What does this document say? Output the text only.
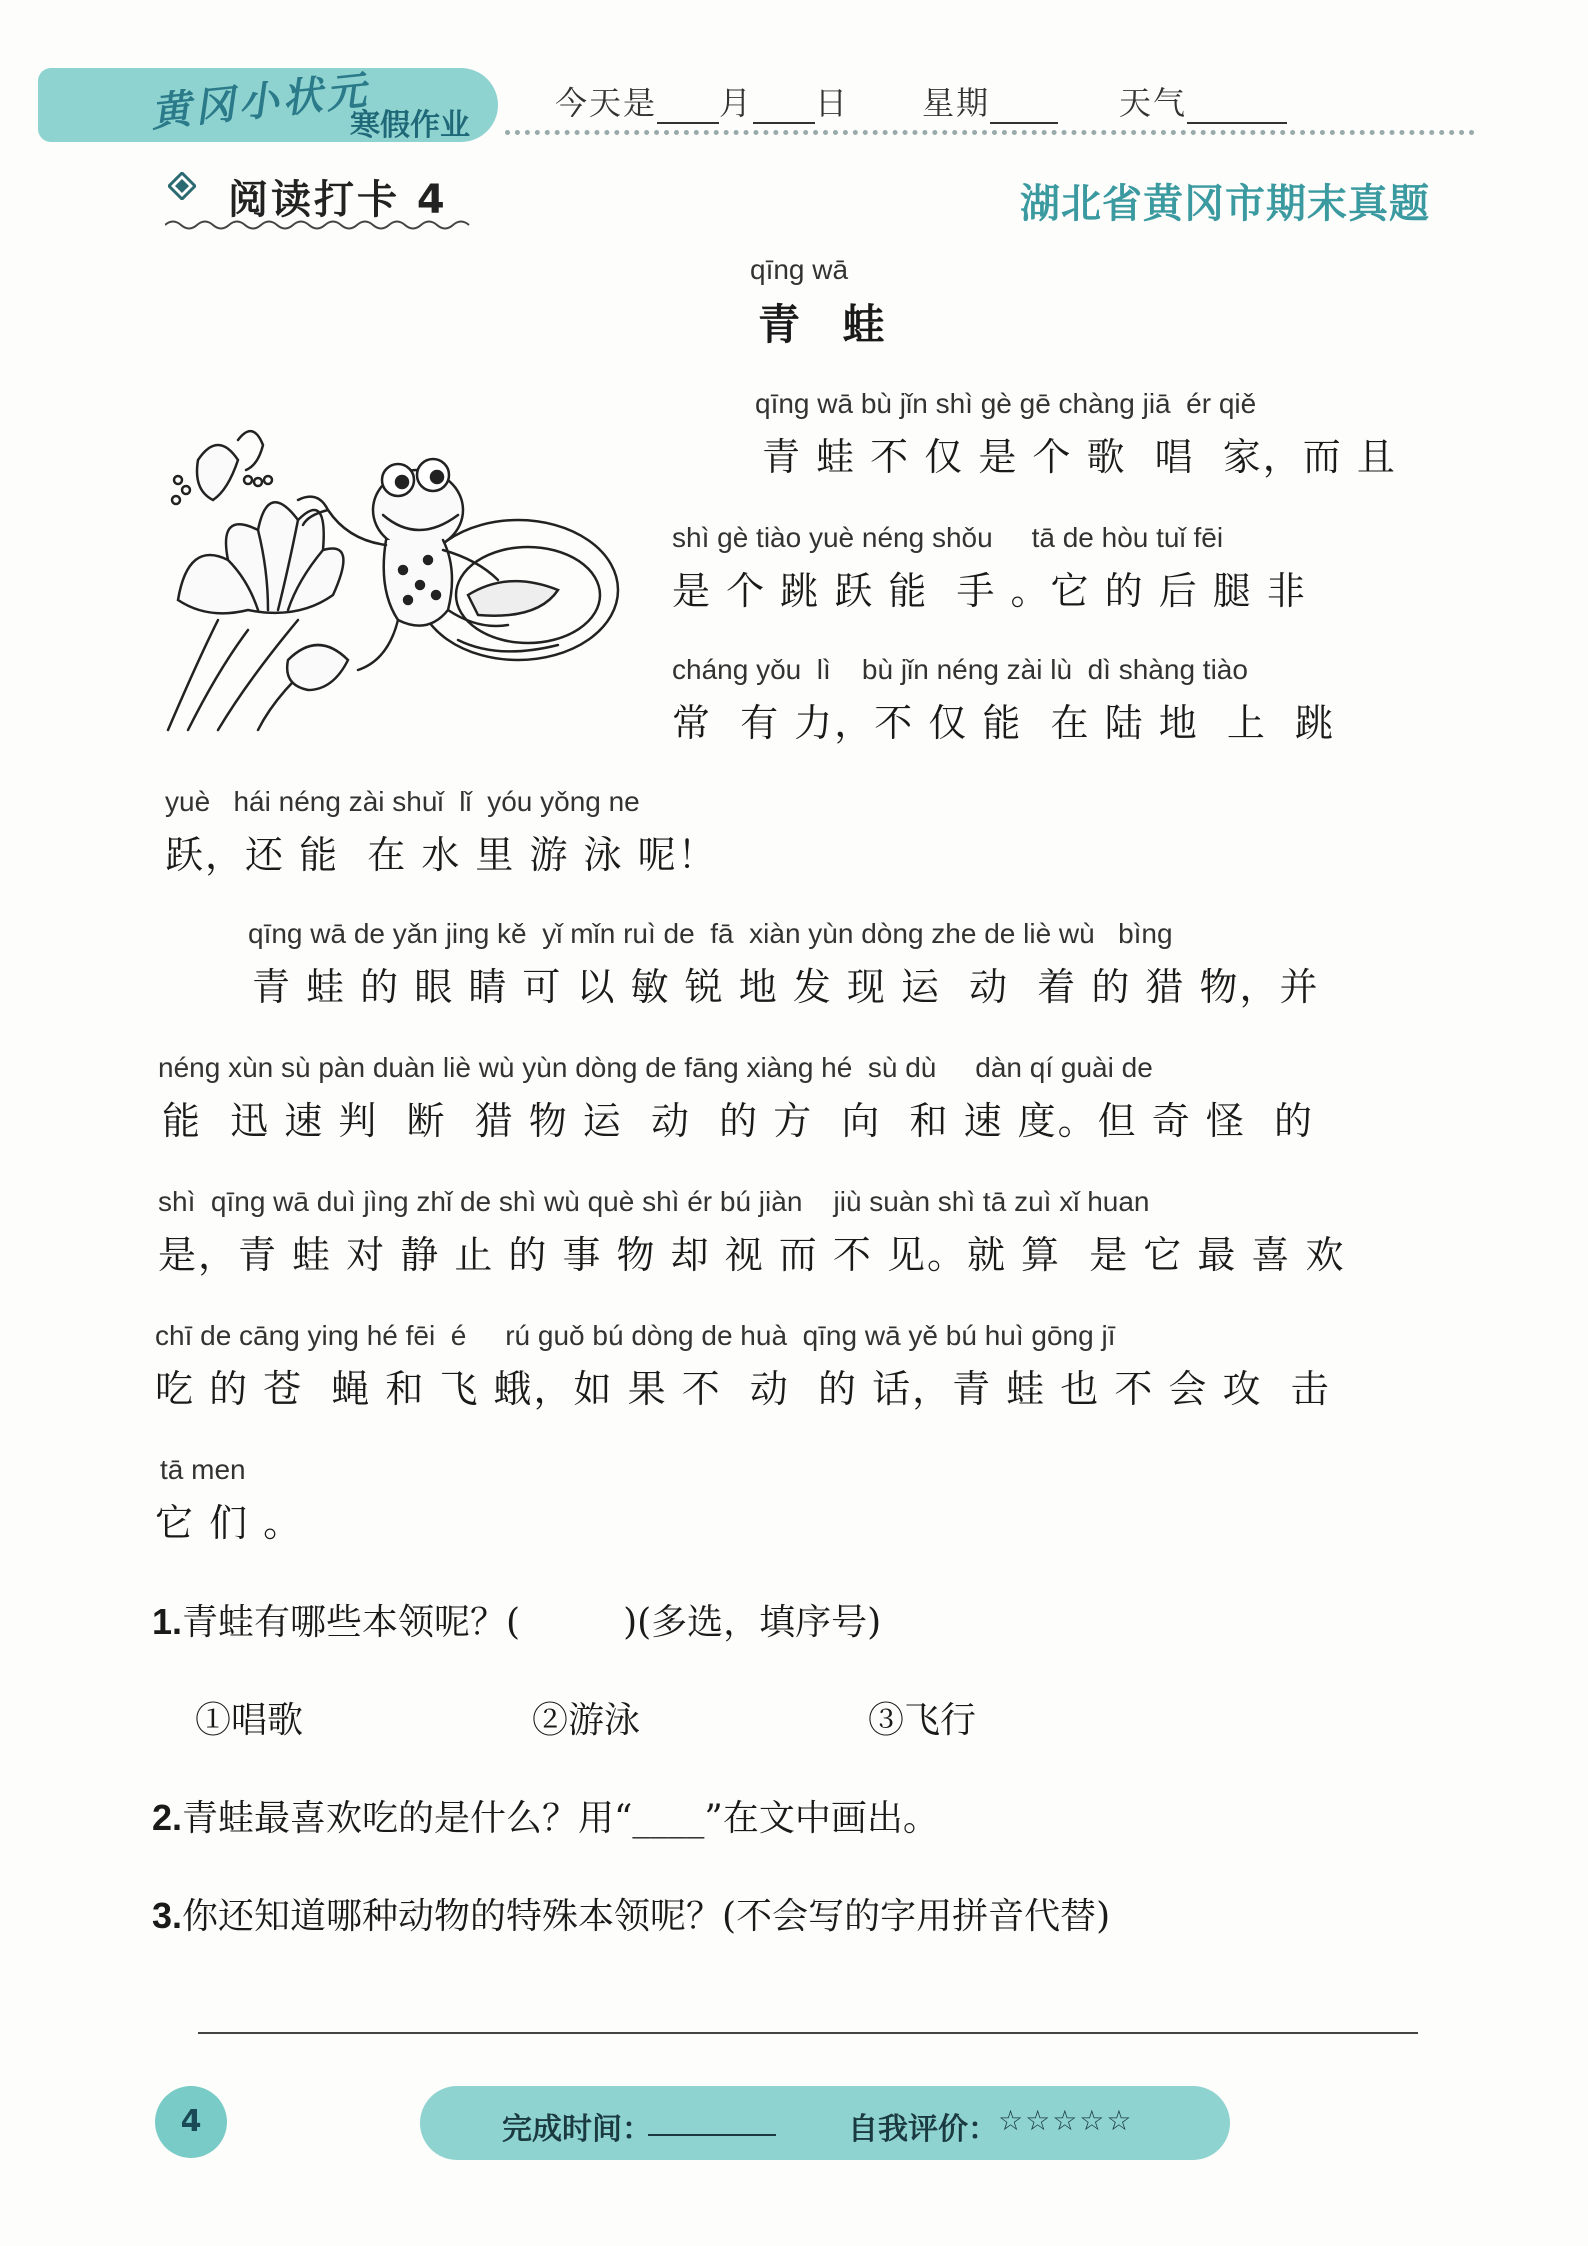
黄冈小状元
寒假作业
今天是 月 日 星期	天气
阅读打卡 4	湖北省黄冈市期末真题
qīng wā
青 蛙
qīng wā bù jǐn shì gè gē chàng jiā  ér qiě
青 蛙 不 仅 是 个 歌  唱  家，而 且
shì gè tiào yuè néng shǒu     tā de hòu tuǐ fēi
是 个 跳 跃 能  手 。它 的 后 腿 非
cháng yǒu  lì    bù jǐn néng zài lù  dì shàng tiào
常  有 力，不 仅 能  在 陆 地  上  跳
yuè   hái néng zài shuǐ  lǐ  yóu yǒng ne
跃，还 能  在 水 里 游 泳 呢！
qīng wā de yǎn jing kě  yǐ mǐn ruì de  fā  xiàn yùn dòng zhe de liè wù   bìng
青 蛙 的 眼 睛 可 以 敏 锐 地 发 现 运  动  着 的 猎 物，并
néng xùn sù pàn duàn liè wù yùn dòng de fāng xiàng hé  sù dù     dàn qí guài de
能  迅 速 判  断  猎 物 运  动  的 方  向  和 速 度。但 奇 怪  的
shì  qīng wā duì jìng zhǐ de shì wù què shì ér bú jiàn    jiù suàn shì tā zuì xǐ huan
是，青 蛙 对 静 止 的 事 物 却 视 而 不 见。就 算  是 它 最 喜 欢
chī de cāng ying hé fēi  é     rú guǒ bú dòng de huà  qīng wā yě bú huì gōng jī
吃 的 苍  蝇 和 飞 蛾，如 果 不  动  的 话，青 蛙 也 不 会 攻  击
tā men
它 们 。
1.青蛙有哪些本领呢？(         )(多选，填序号)
①唱歌	②游泳	③飞行
2.青蛙最喜欢吃的是什么？用“____”在文中画出。
3.你还知道哪种动物的特殊本领呢？(不会写的字用拼音代替)
4	完成时间：	自我评价： ☆☆☆☆☆
